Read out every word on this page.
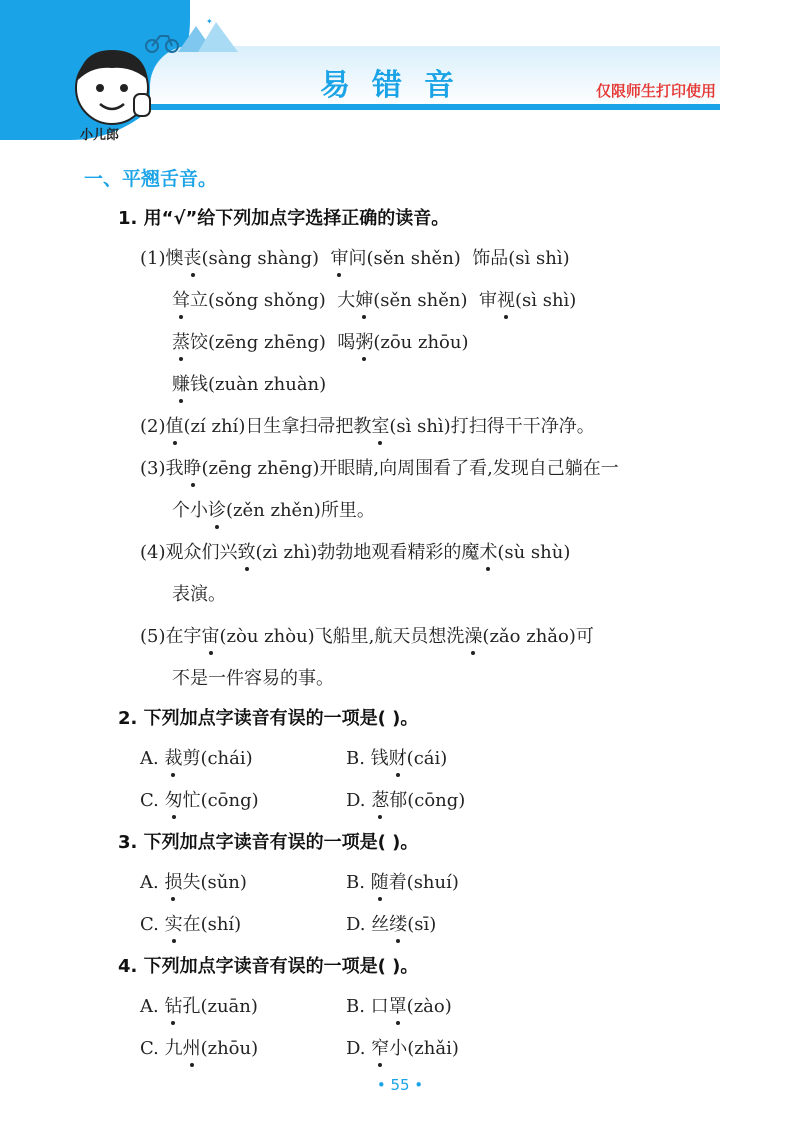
✦
✦
小儿郎
易错音	仅限师生打印使用
一、平翘舌音。
1. 用“√”给下列加点字选择正确的读音。
(1)懊丧(sàng shàng) 审问(sěn shěn) 饰品(sì shì)
耸立(sǒng shǒng) 大婶(sěn shěn) 审视(sì shì)
蒸饺(zēng zhēng) 喝粥(zōu zhōu)
赚钱(zuàn zhuàn)
(2)值(zí zhí)日生拿扫帚把教室(sì shì)打扫得干干净净。
(3)我睁(zēng zhēng)开眼睛,向周围看了看,发现自己躺在一
个小诊(zěn zhěn)所里。
(4)观众们兴致(zì zhì)勃勃地观看精彩的魔术(sù shù)
表演。
(5)在宇宙(zòu zhòu)飞船里,航天员想洗澡(zǎo zhǎo)可
不是一件容易的事。
2. 下列加点字读音有误的一项是( )。
A. 裁剪(chái)	B. 钱财(cái)
C. 匆忙(cōng)	D. 葱郁(cōng)
3. 下列加点字读音有误的一项是( )。
A. 损失(sǔn)	B. 随着(shuí)
C. 实在(shí)	D. 丝缕(sī)
4. 下列加点字读音有误的一项是( )。
A. 钻孔(zuān)	B. 口罩(zào)
C. 九州(zhōu)	D. 窄小(zhǎi)
• 55 •
